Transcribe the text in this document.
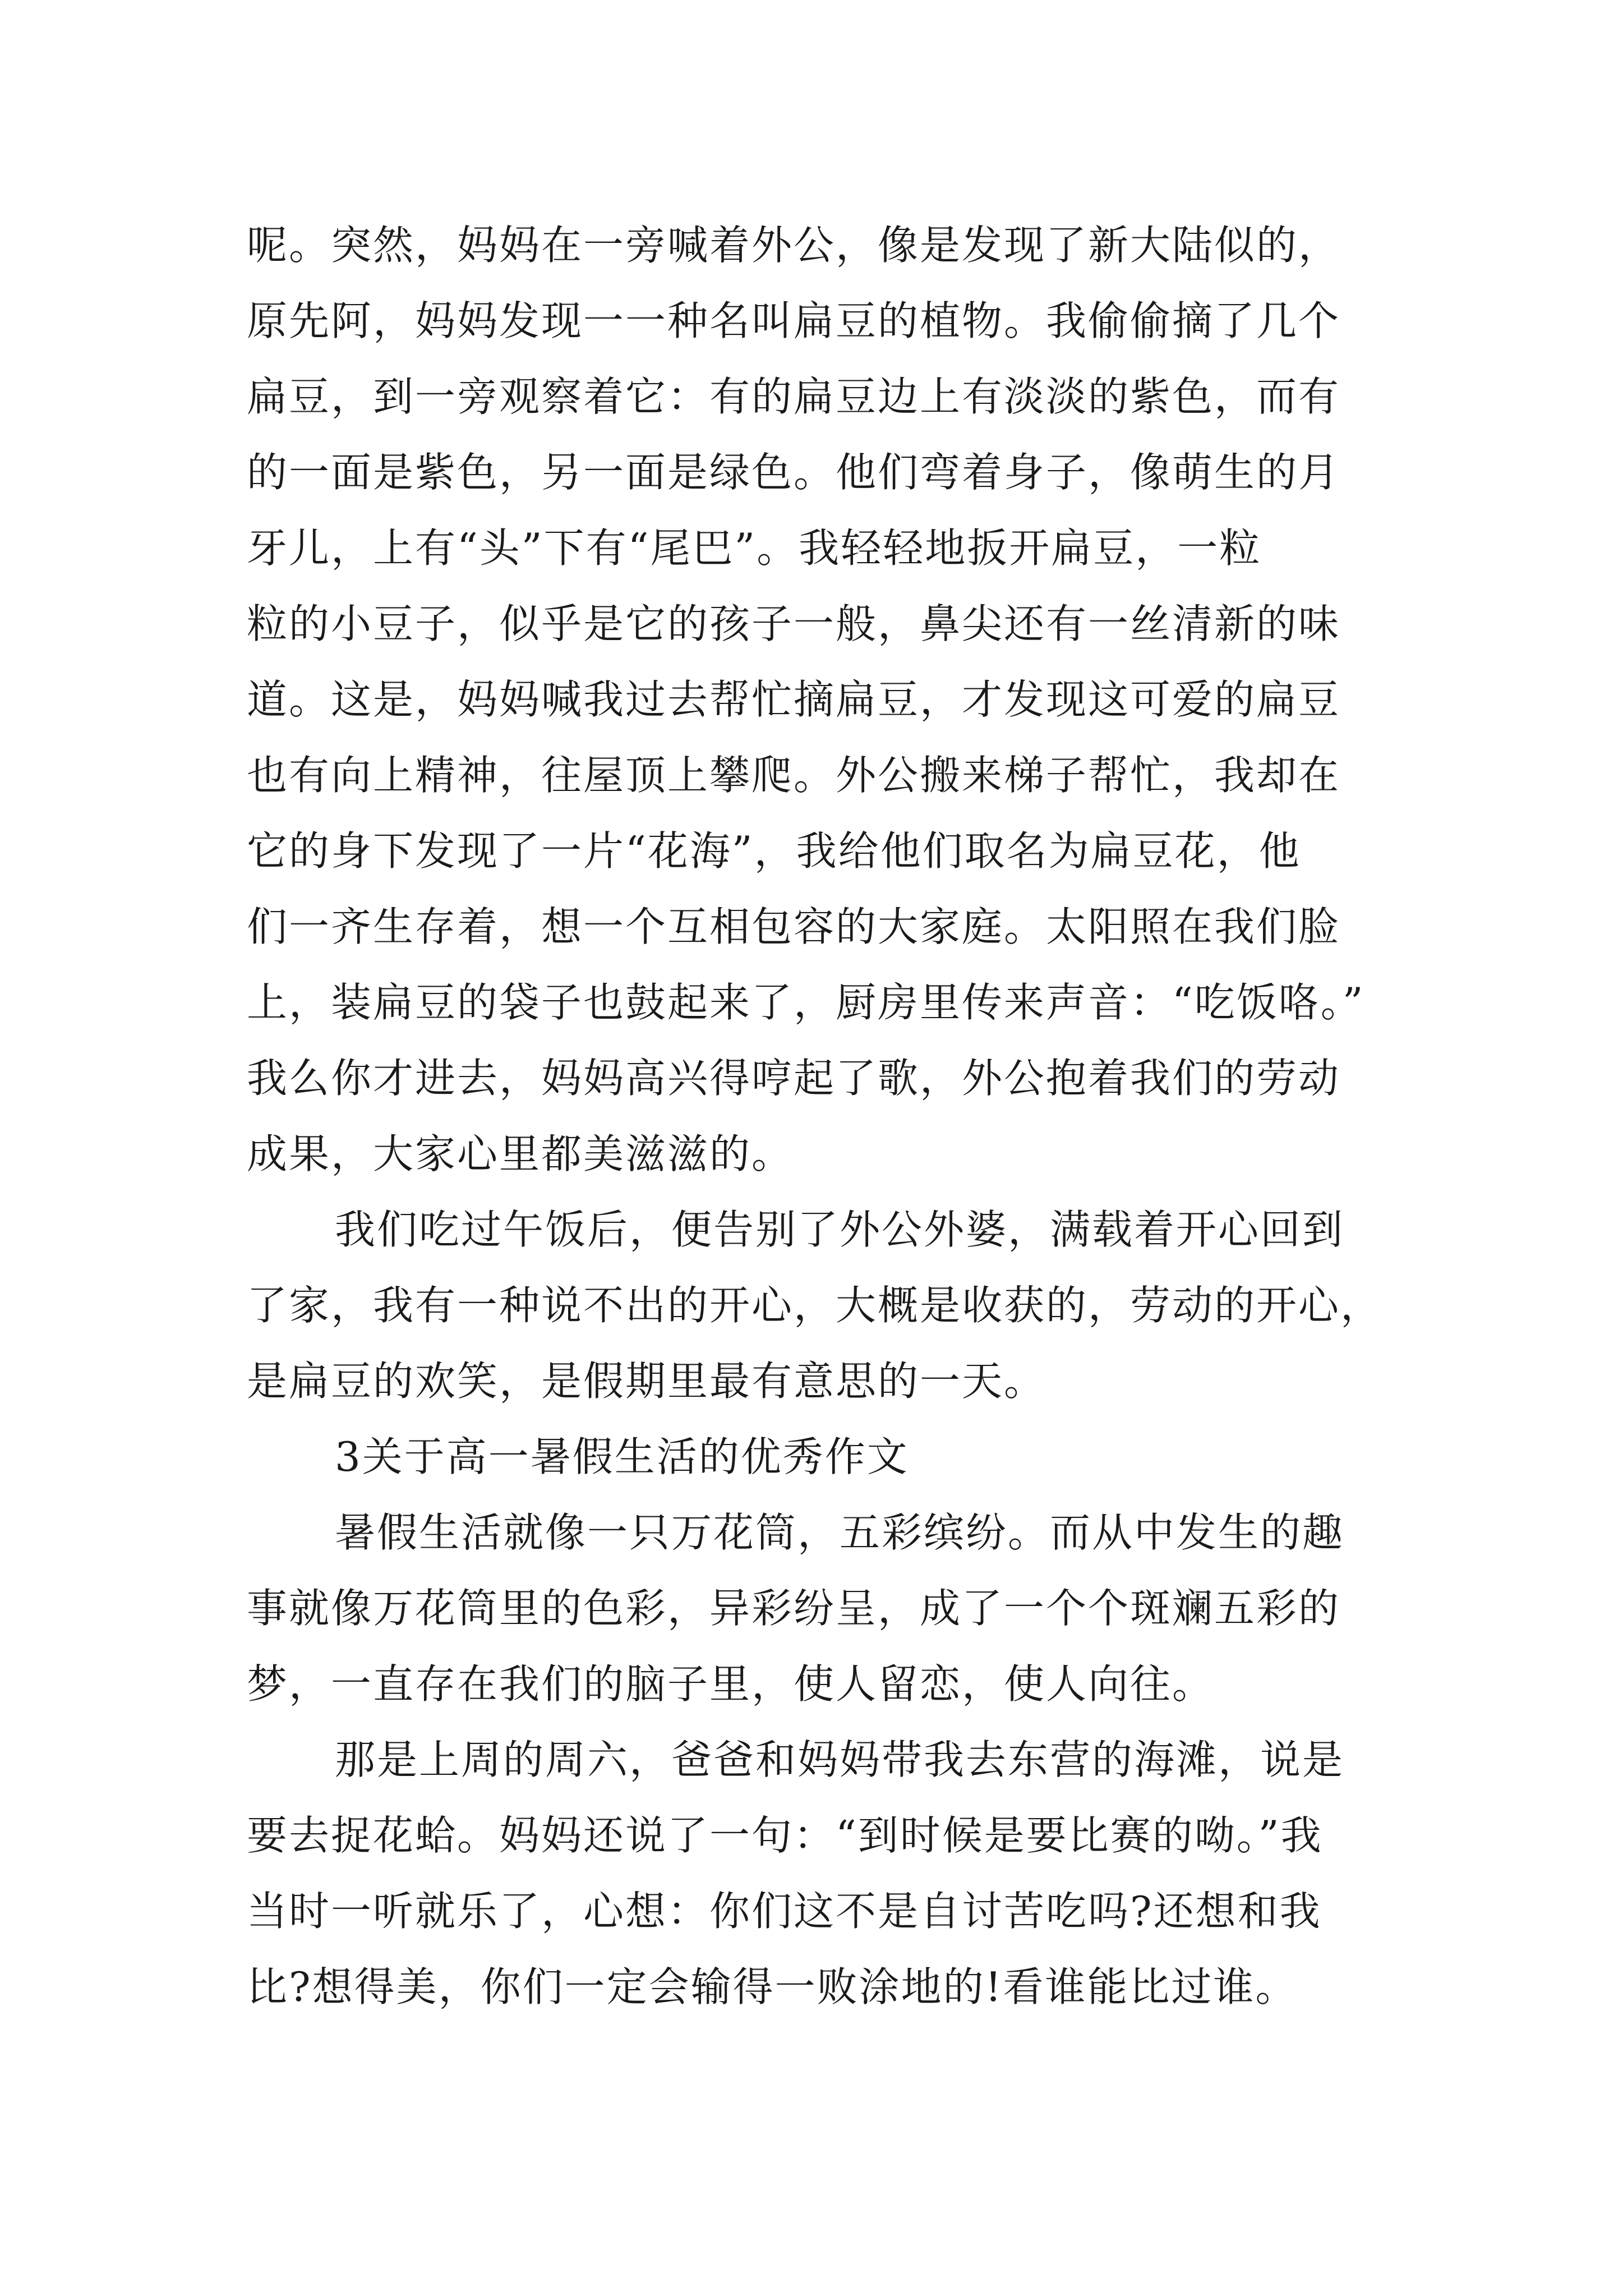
呢。突然，妈妈在一旁喊着外公，像是发现了新大陆似的，
原先阿，妈妈发现一一种名叫扁豆的植物。我偷偷摘了几个
扁豆，到一旁观察着它：有的扁豆边上有淡淡的紫色，而有
的一面是紫色，另一面是绿色。他们弯着身子，像萌生的月
牙儿，上有“头”下有“尾巴”。我轻轻地扳开扁豆，一粒
粒的小豆子，似乎是它的孩子一般，鼻尖还有一丝清新的味
道。这是，妈妈喊我过去帮忙摘扁豆，才发现这可爱的扁豆
也有向上精神，往屋顶上攀爬。外公搬来梯子帮忙，我却在
它的身下发现了一片“花海”，我给他们取名为扁豆花，他
们一齐生存着，想一个互相包容的大家庭。太阳照在我们脸
上，装扁豆的袋子也鼓起来了，厨房里传来声音：“吃饭咯。”
我么你才进去，妈妈高兴得哼起了歌，外公抱着我们的劳动
成果，大家心里都美滋滋的。
我们吃过午饭后，便告别了外公外婆，满载着开心回到
了家，我有一种说不出的开心，大概是收获的，劳动的开心，
是扁豆的欢笑，是假期里最有意思的一天。
3关于高一暑假生活的优秀作文
暑假生活就像一只万花筒，五彩缤纷。而从中发生的趣
事就像万花筒里的色彩，异彩纷呈，成了一个个斑斓五彩的
梦，一直存在我们的脑子里，使人留恋，使人向往。
那是上周的周六，爸爸和妈妈带我去东营的海滩，说是
要去捉花蛤。妈妈还说了一句：“到时候是要比赛的呦。”我
当时一听就乐了，心想：你们这不是自讨苦吃吗?还想和我
比?想得美，你们一定会输得一败涂地的!看谁能比过谁。
